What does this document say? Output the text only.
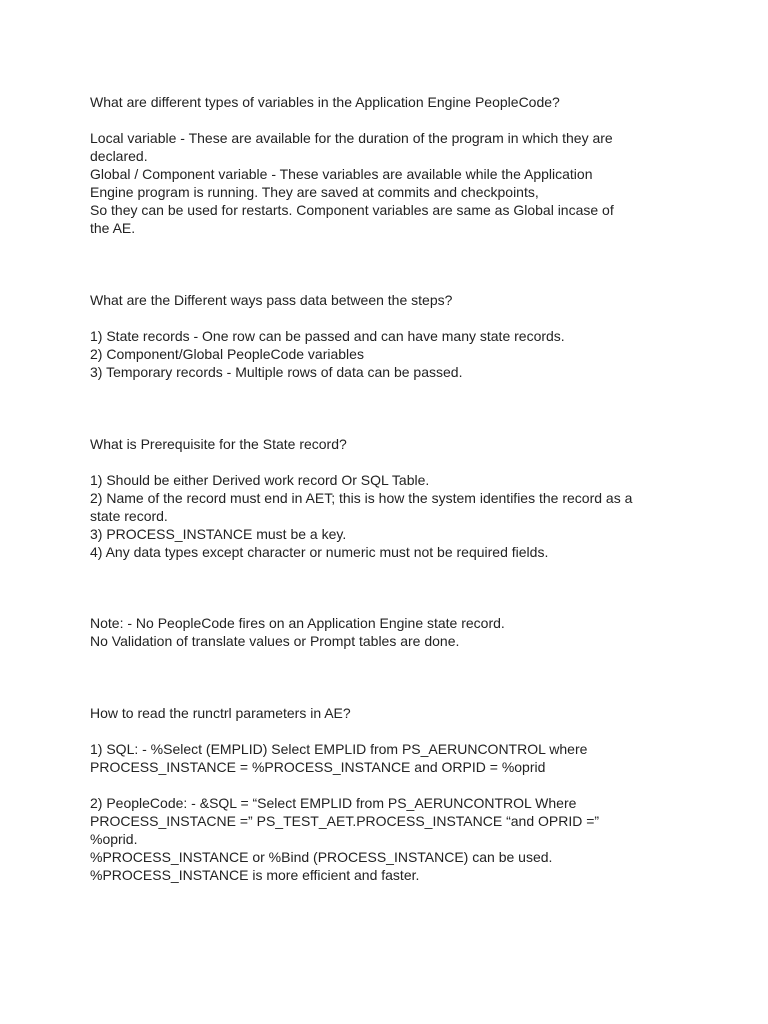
What are different types of variables in the Application Engine PeopleCode?

Local variable - These are available for the duration of the program in which they are
declared.
Global / Component variable - These variables are available while the Application
Engine program is running. They are saved at commits and checkpoints,
So they can be used for restarts. Component variables are same as Global incase of
the AE.

What are the Different ways pass data between the steps?

1) State records - One row can be passed and can have many state records.
2) Component/Global PeopleCode variables
3) Temporary records - Multiple rows of data can be passed.

What is Prerequisite for the State record?

1) Should be either Derived work record Or SQL Table.
2) Name of the record must end in AET; this is how the system identifies the record as a
state record.
3) PROCESS_INSTANCE must be a key.
4) Any data types except character or numeric must not be required fields.

Note: - No PeopleCode fires on an Application Engine state record.
No Validation of translate values or Prompt tables are done.

How to read the runctrl parameters in AE?

1) SQL: - %Select (EMPLID) Select EMPLID from PS_AERUNCONTROL where
PROCESS_INSTANCE = %PROCESS_INSTANCE and ORPID = %oprid

2) PeopleCode: - &SQL = “Select EMPLID from PS_AERUNCONTROL Where
PROCESS_INSTACNE =” PS_TEST_AET.PROCESS_INSTANCE “and OPRID =”
%oprid.
%PROCESS_INSTANCE or %Bind (PROCESS_INSTANCE) can be used.
%PROCESS_INSTANCE is more efficient and faster.
